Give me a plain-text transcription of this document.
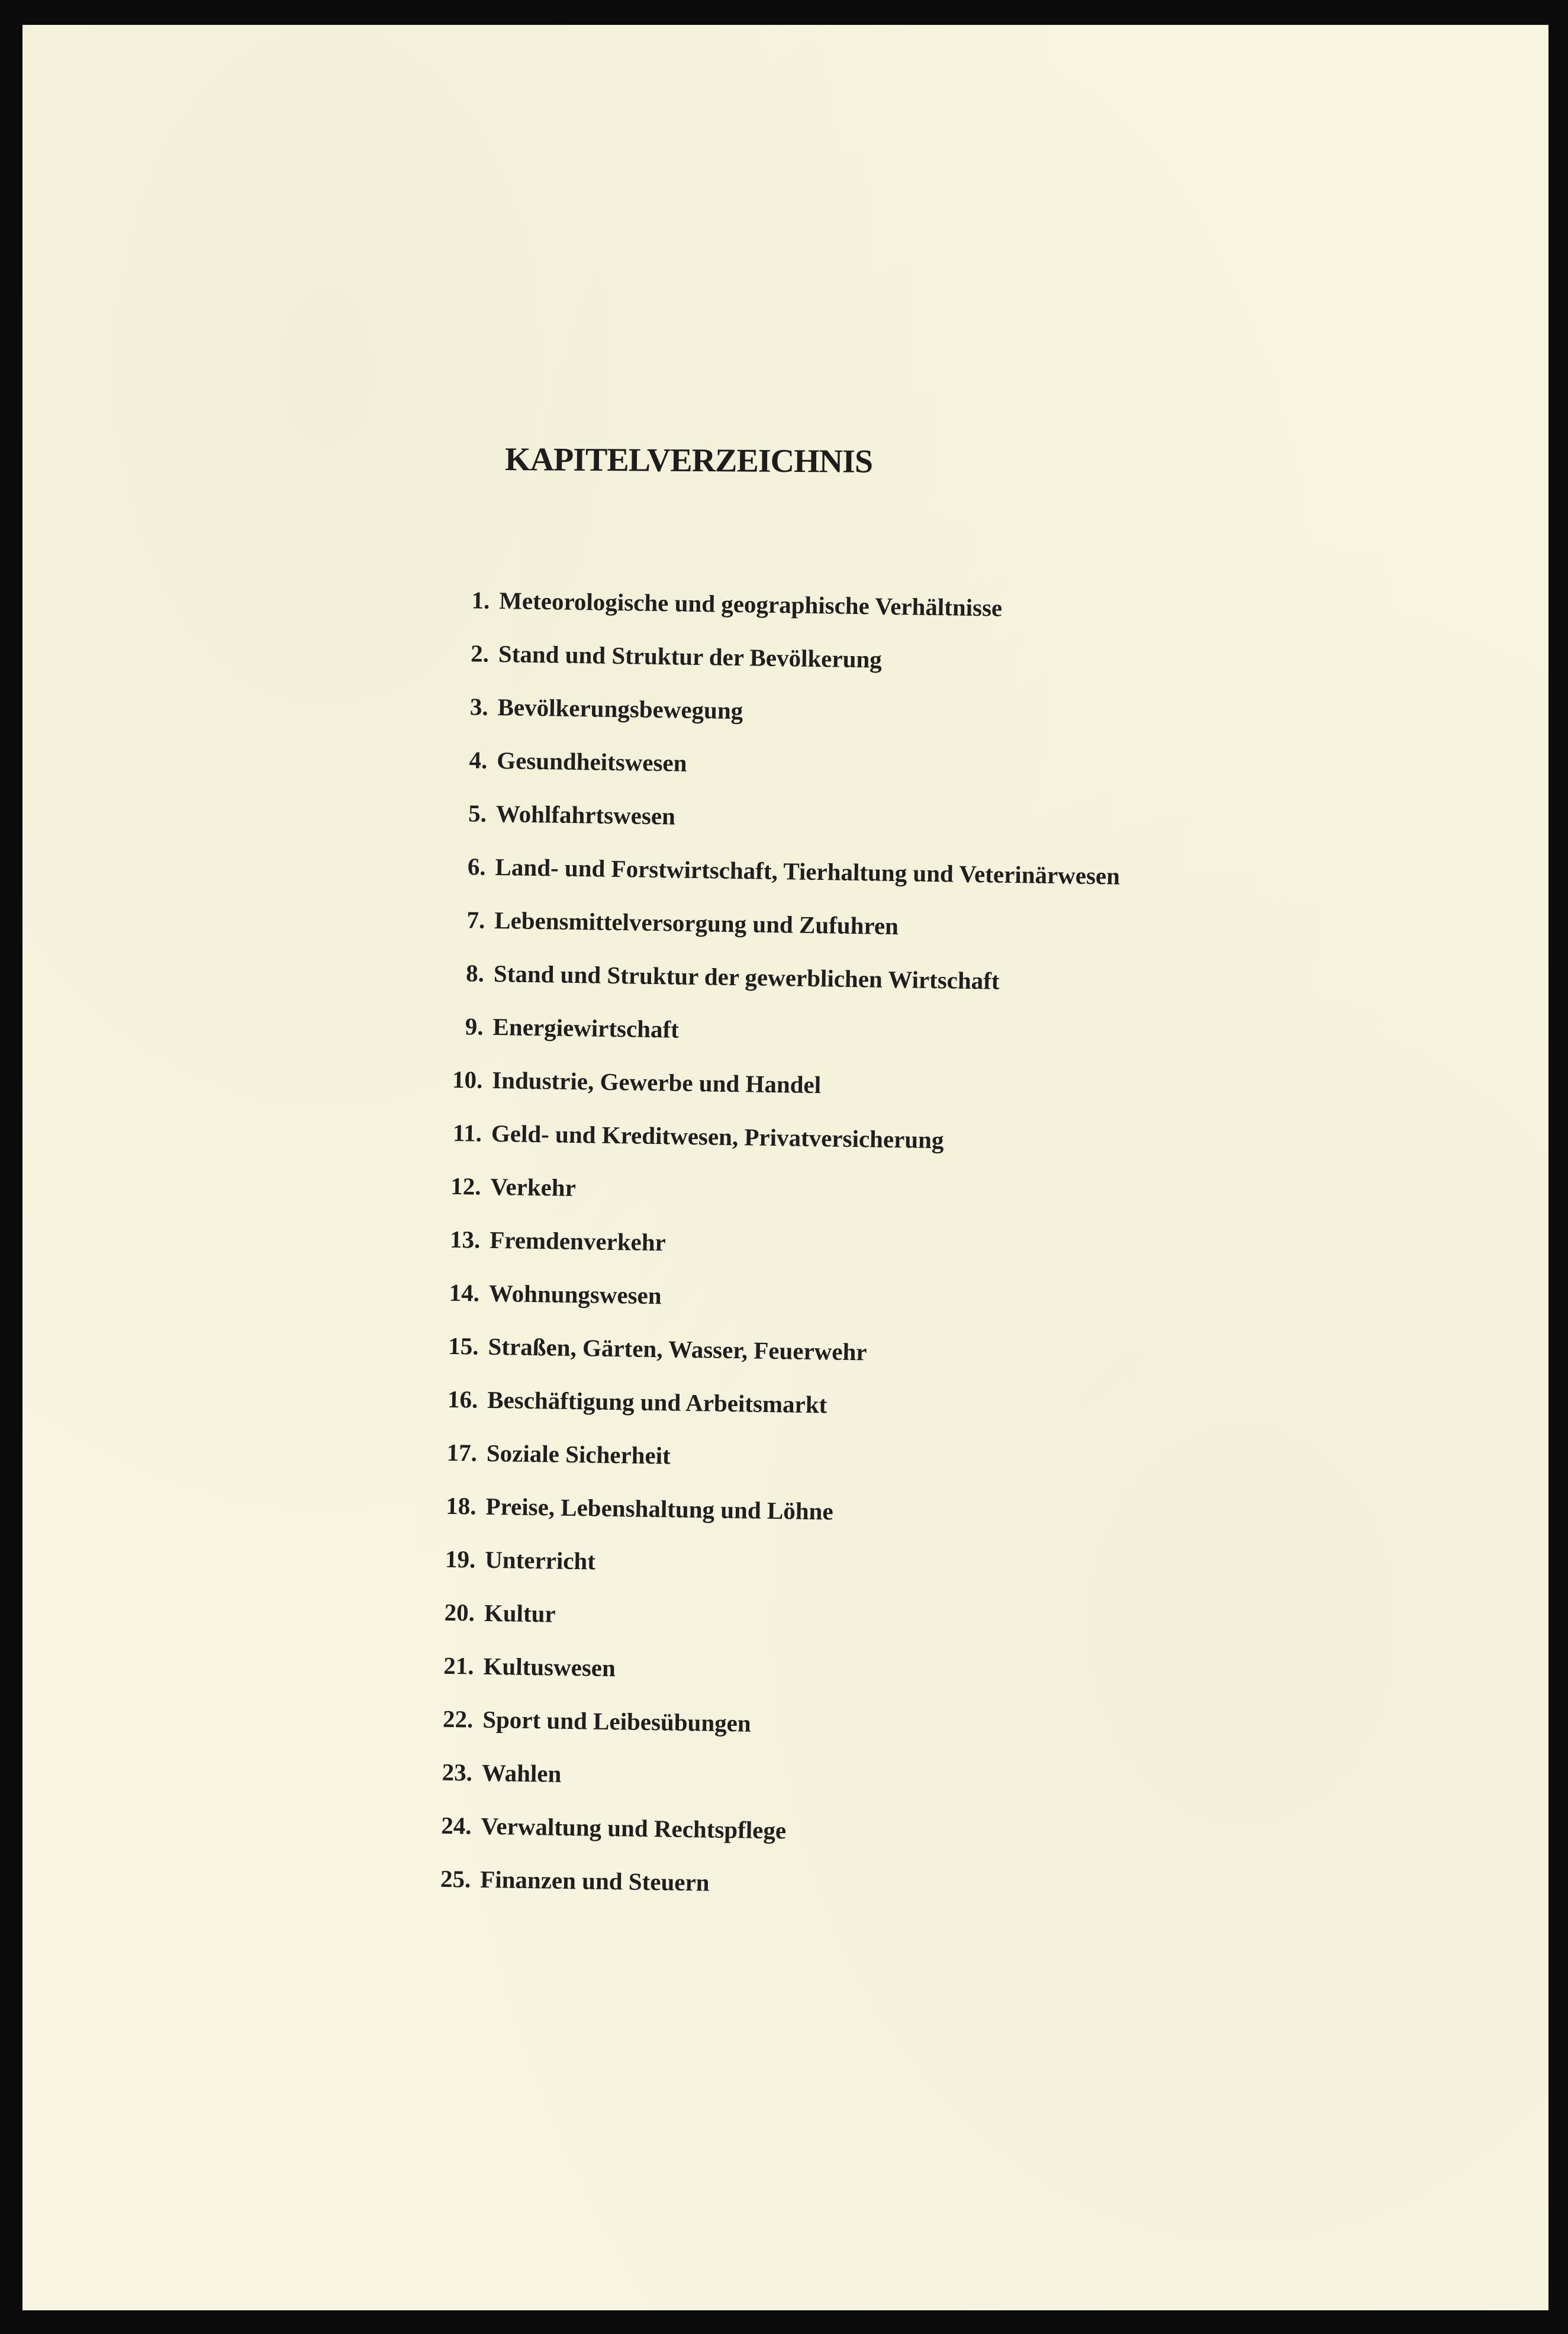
KAPITELVERZEICHNIS
1. Meteorologische und geographische Verhältnisse
2. Stand und Struktur der Bevölkerung
3. Bevölkerungsbewegung
4. Gesundheitswesen
5. Wohlfahrtswesen
6. Land- und Forstwirtschaft, Tierhaltung und Veterinärwesen
7. Lebensmittelversorgung und Zufuhren
8. Stand und Struktur der gewerblichen Wirtschaft
9. Energiewirtschaft
10. Industrie, Gewerbe und Handel
11. Geld- und Kreditwesen, Privatversicherung
12. Verkehr
13. Fremdenverkehr
14. Wohnungswesen
15. Straßen, Gärten, Wasser, Feuerwehr
16. Beschäftigung und Arbeitsmarkt
17. Soziale Sicherheit
18. Preise, Lebenshaltung und Löhne
19. Unterricht
20. Kultur
21. Kultuswesen
22. Sport und Leibesübungen
23. Wahlen
24. Verwaltung und Rechtspflege
25. Finanzen und Steuern
